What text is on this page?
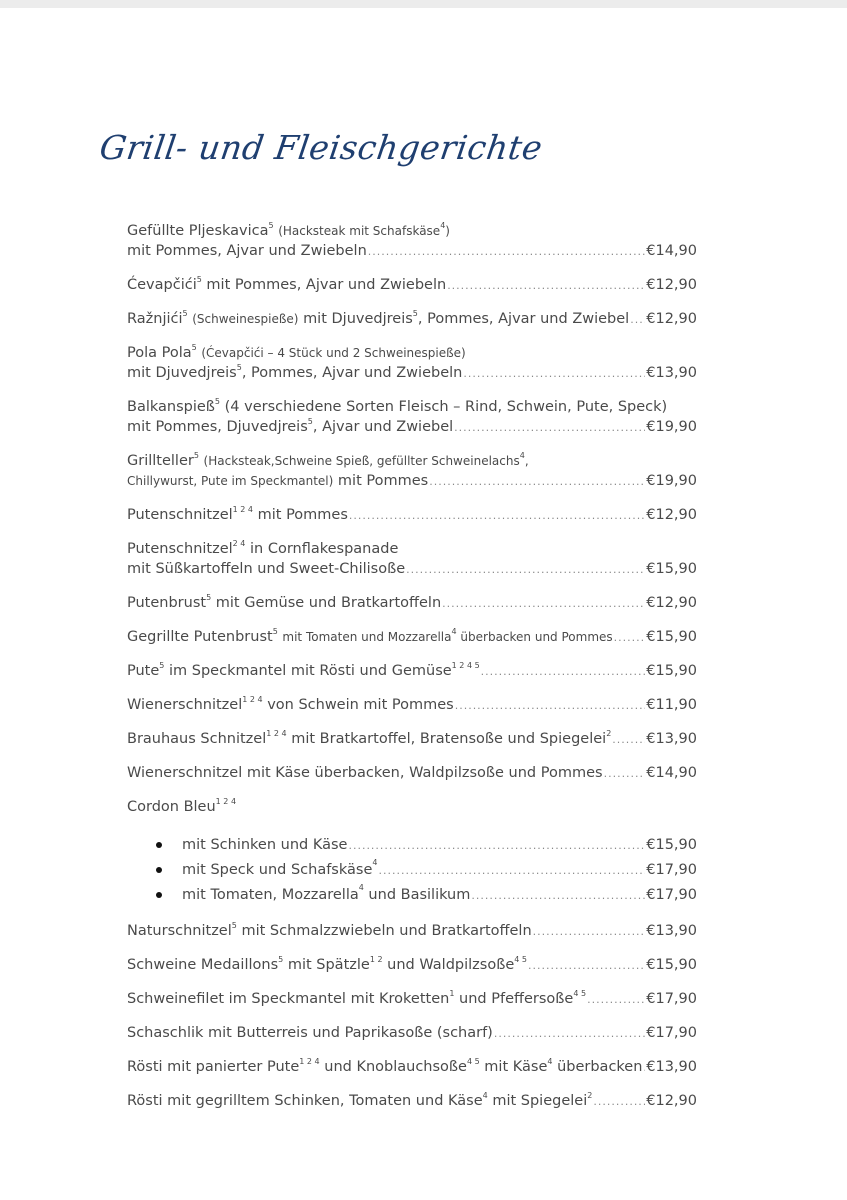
Grill- und Fleischgerichte
Gefüllte Pljeskavica$^5$ (Hacksteak mit Schafskäse$^4$)
mit Pommes, Ajvar und Zwiebeln .....	€14,90
Ćevapčići$^5$ mit Pommes, Ajvar und Zwiebeln .....	€12,90
Ražnjići$^5$ (Schweinespieße) mit Djuvedjreis$^5$, Pommes, Ajvar und Zwiebel ..... €12,90
Pola Pola$^5$ (Ćevapčići – 4 Stück und 2 Schweinespieße)
mit Djuvedjreis$^5$, Pommes, Ajvar und Zwiebeln .....	€13,90
Balkanspieß$^5$ (4 verschiedene Sorten Fleisch – Rind, Schwein, Pute, Speck)
mit Pommes, Djuvedjreis$^5$, Ajvar und Zwiebel .....	€19,90
Grillteller$^5$ (Hacksteak,Schweine Spieß, gefüllter Schweinelachs$^4$,
Chillywurst, Pute im Speckmantel) mit Pommes .....	€19,90
Putenschnitzel$^{1 2 4}$ mit Pommes .....	€12,90
Putenschnitzel$^{2 4}$ in Cornflakespanade
mit Süßkartoffeln und Sweet-Chilisoße .....	€15,90
Putenbrust$^5$ mit Gemüse und Bratkartoffeln .....	€12,90
Gegrillte Putenbrust$^5$ mit Tomaten und Mozzarella$^4$ überbacken und Pommes ..... €15,90
Pute$^5$ im Speckmantel mit Rösti und Gemüse$^{1 2 4 5}$ .....	€15,90
Wienerschnitzel$^{1 2 4}$ von Schwein mit Pommes .....	€11,90
Brauhaus Schnitzel$^{1 2 4}$ mit Bratkartoffel, Bratensoße und Spiegelei$^2$ ..... €13,90
Wienerschnitzel mit Käse überbacken, Waldpilzsoße und Pommes .....	€14,90
Cordon Bleu$^{1 2 4}$
mit Schinken und Käse .....	€15,90
mit Speck und Schafskäse$^4$ .....	€17,90
mit Tomaten, Mozzarella$^4$ und Basilikum .....	€17,90
Naturschnitzel$^5$ mit Schmalzzwiebeln und Bratkartoffeln .....	€13,90
Schweine Medaillons$^5$ mit Spätzle$^{1 2}$ und Waldpilzsoße$^{4 5}$ .....	€15,90
Schweinefilet im Speckmantel mit Kroketten$^1$ und Pfeffersoße$^{4 5}$ .....	€17,90
Schaschlik mit Butterreis und Paprikasoße (scharf) .....	€17,90
Rösti mit panierter Pute$^{1 2 4}$ und Knoblauchsoße$^{4 5}$ mit Käse$^4$ überbacken ..... €13,90
Rösti mit gegrilltem Schinken, Tomaten und Käse$^4$ mit Spiegelei$^2$ .....	€12,90
